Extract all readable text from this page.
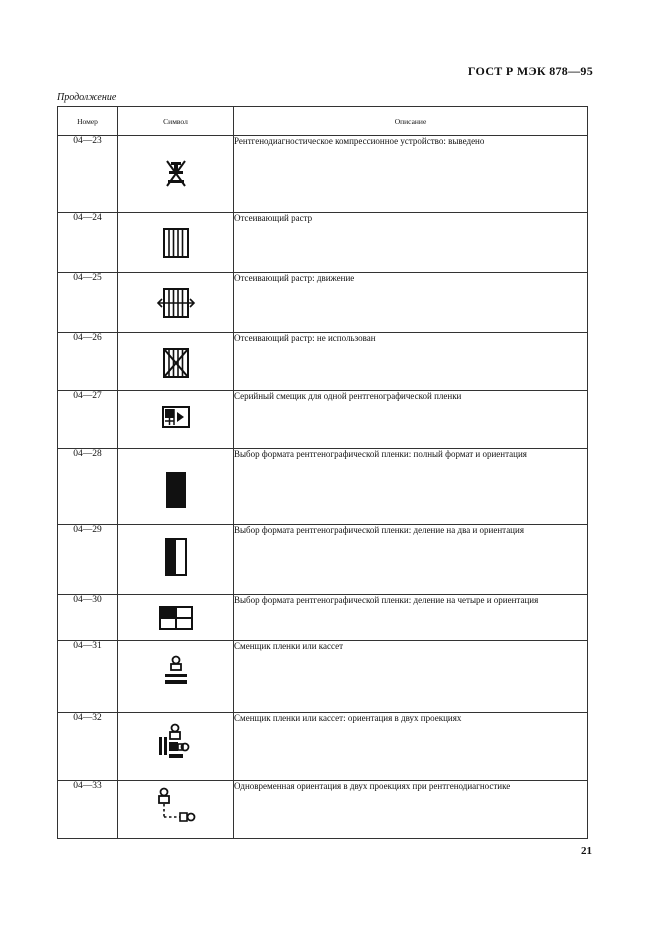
ГОСТ Р МЭК 878—95
Продолжение
Номер	Символ	Описание
04—23		Рентгенодиагностическое компрессионное устройство: выведено
04—24		Отсеивающий растр
04—25		Отсеивающий растр: движение
04—26		Отсеивающий растр: не использован
04—27		Серийный смещик для одной рентгенографической пленки
04—28		Выбор формата рентгенографической пленки: полный формат и ориентация
04—29		Выбор формата рентгенографической пленки: деление на два и ориентация
04—30		Выбор формата рентгенографической пленки: деление на четыре и ориентация
04—31		Сменщик пленки или кассет
04—32		Сменщик пленки или кассет: ориентация в двух проекциях
04—33		Одновременная ориентация в двух проекциях при рентгенодиагностике
21
